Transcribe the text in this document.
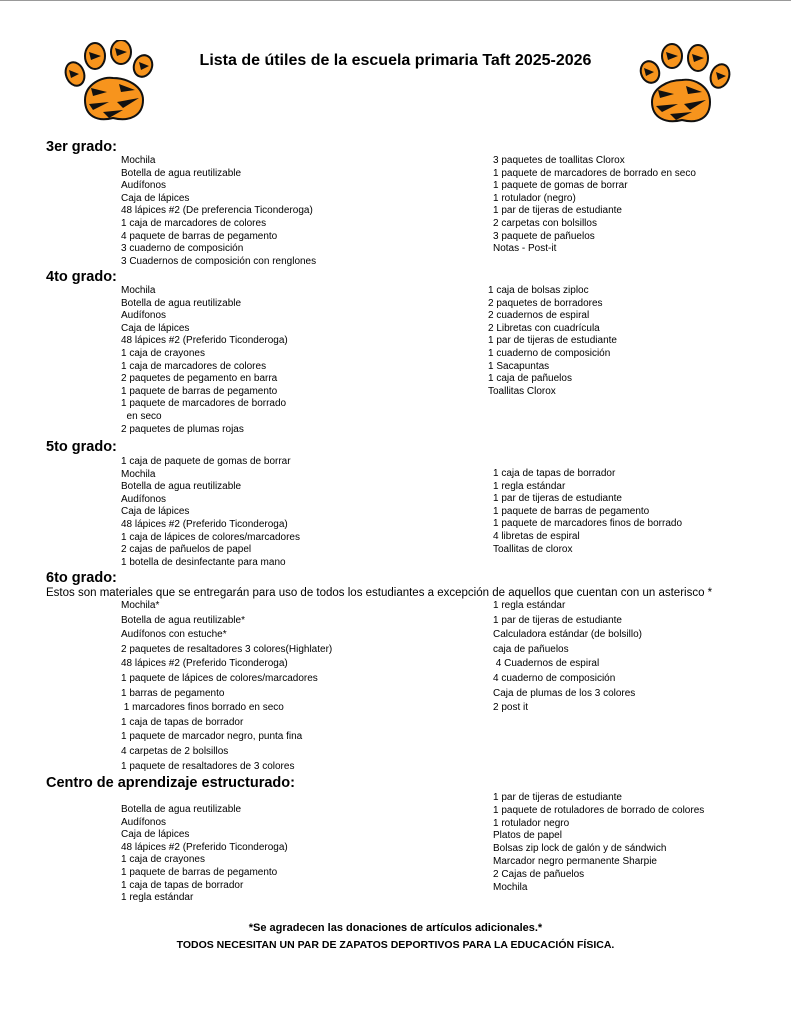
Lista de útiles de la escuela primaria Taft 2025-2026
3er grado:
Mochila
Botella de agua reutilizable
Audífonos
Caja de lápices
48 lápices #2 (De preferencia Ticonderoga)
1 caja de marcadores de colores
4 paquete de barras de pegamento
3 cuaderno de composición
3 Cuadernos de composición con renglones
3 paquetes de toallitas Clorox
1 paquete de marcadores de borrado en seco
1 paquete de gomas de borrar
1 rotulador (negro)
1 par de tijeras de estudiante
2 carpetas con bolsillos
3 paquete de pañuelos
Notas - Post-it
4to grado:
Mochila
Botella de agua reutilizable
Audífonos
Caja de lápices
48 lápices #2 (Preferido Ticonderoga)
1 caja de crayones
1 caja de marcadores de colores
2 paquetes de pegamento en barra
1 paquete de barras de pegamento
1 paquete de marcadores de borrado
en seco
2 paquetes de plumas rojas
1 caja de bolsas ziploc
2 paquetes de borradores
2 cuadernos de espiral
2 Libretas con cuadrícula
1 par de tijeras de estudiante
1 cuaderno de composición
1 Sacapuntas
1 caja de pañuelos
Toallitas Clorox
5to grado:
1 caja de paquete de gomas de borrar
Mochila
Botella de agua reutilizable
Audífonos
Caja de lápices
48 lápices #2 (Preferido Ticonderoga)
1 caja de lápices de colores/marcadores
2 cajas de pañuelos de papel
1 botella de desinfectante para mano
1 caja de tapas de borrador
1 regla estándar
1 par de tijeras de estudiante
1 paquete de barras de pegamento
1 paquete de marcadores finos de borrado
4 libretas de espiral
Toallitas de clorox
6to grado:
Estos son materiales que se entregarán para uso de todos los estudiantes a excepción de aquellos que cuentan con un asterisco *
Mochila*
Botella de agua reutilizable*
Audífonos con estuche*
2 paquetes de resaltadores 3 colores(Highlater)
48 lápices #2 (Preferido Ticonderoga)
1 paquete de lápices de colores/marcadores
1 barras de pegamento
1 marcadores finos borrado en seco
1 caja de tapas de borrador
1 paquete de marcador negro, punta fina
4 carpetas de 2 bolsillos
1 paquete de resaltadores de 3 colores
1 regla estándar
1 par de tijeras de estudiante
Calculadora estándar (de bolsillo)
caja de pañuelos
4 Cuadernos de espiral
4 cuaderno de composición
Caja de plumas de los 3 colores
2 post it
Centro de aprendizaje estructurado:
Botella de agua reutilizable
Audífonos
Caja de lápices
48 lápices #2 (Preferido Ticonderoga)
1 caja de crayones
1 paquete de barras de pegamento
1 caja de tapas de borrador
1 regla estándar
1 par de tijeras de estudiante
1 paquete de rotuladores de borrado de colores
1 rotulador negro
Platos de papel
Bolsas zip lock de galón y de sándwich
Marcador negro permanente Sharpie
2 Cajas de pañuelos
Mochila
*Se agradecen las donaciones de artículos adicionales.*
TODOS NECESITAN UN PAR DE ZAPATOS DEPORTIVOS PARA LA EDUCACIÓN FÍSICA.
